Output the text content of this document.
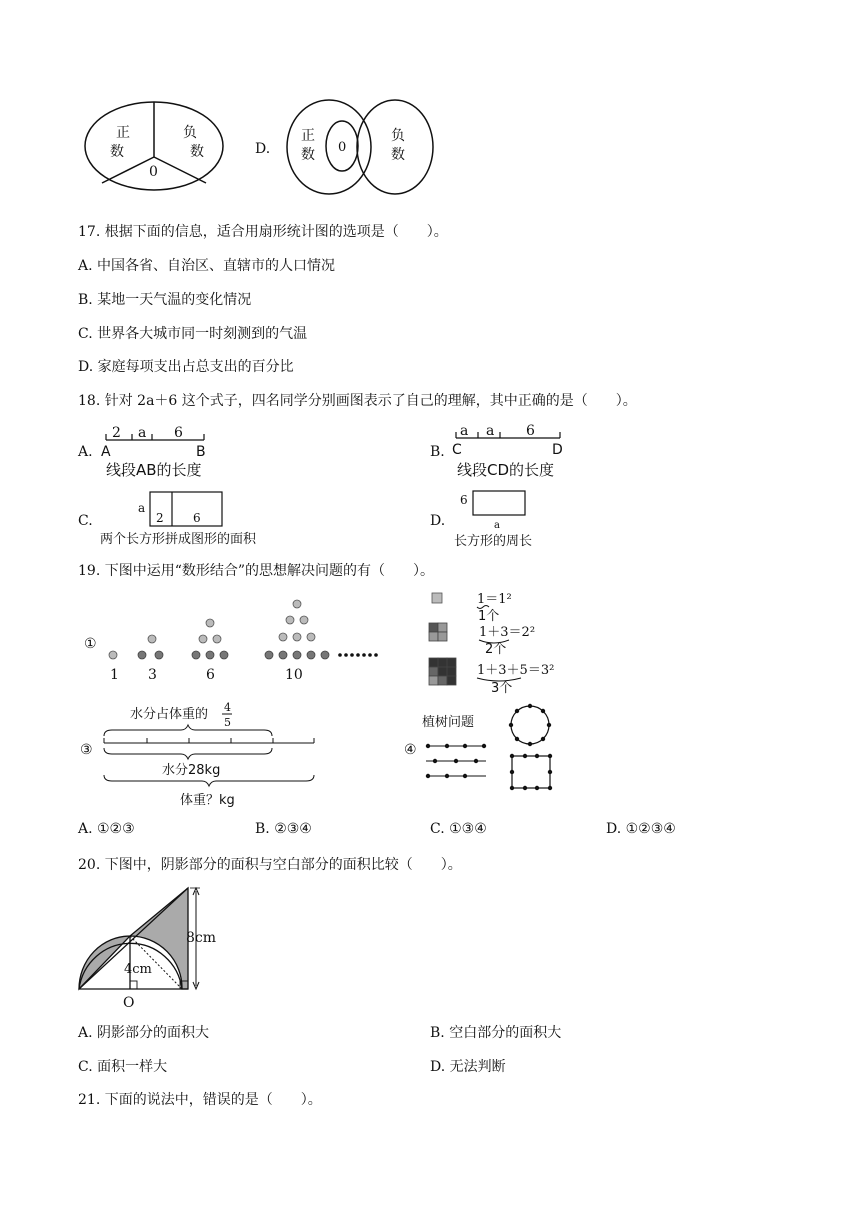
正
数
负
数
0
D.
正
数 0
负
数
17. 根据下面的信息，适合用扇形统计图的选项是（　　）。
A. 中国各省、自治区、直辖市的人口情况
B. 某地一天气温的变化情况
C. 世界各大城市同一时刻测到的气温
D. 家庭每项支出占总支出的百分比
18. 针对 2a＋6 这个式子，四名同学分别画图表示了自己的理解，其中正确的是（　　）。
A.
2 a 6
A	B
线段AB的长度
B.
a a 6
C	D
线段CD的长度
C.
a
2 6
两个长方形拼成图形的面积
D.
6
a
长方形的周长
19. 下图中运用“数形结合”的思想解决问题的有（　　）。
①
1 3	6	10
1＝1²
1个
1＋3＝2²
2个
1＋3＋5＝3²
3个
水分占体重的 4
5
③
水分28kg
体重？kg
植树问题
④
A. ①②③	B. ②③④	C. ①③④	D. ①②③④
20. 下图中，阴影部分的面积与空白部分的面积比较（　　）。
8cm
4cm
O
A. 阴影部分的面积大	B. 空白部分的面积大
C. 面积一样大	D. 无法判断
21. 下面的说法中，错误的是（　　）。
